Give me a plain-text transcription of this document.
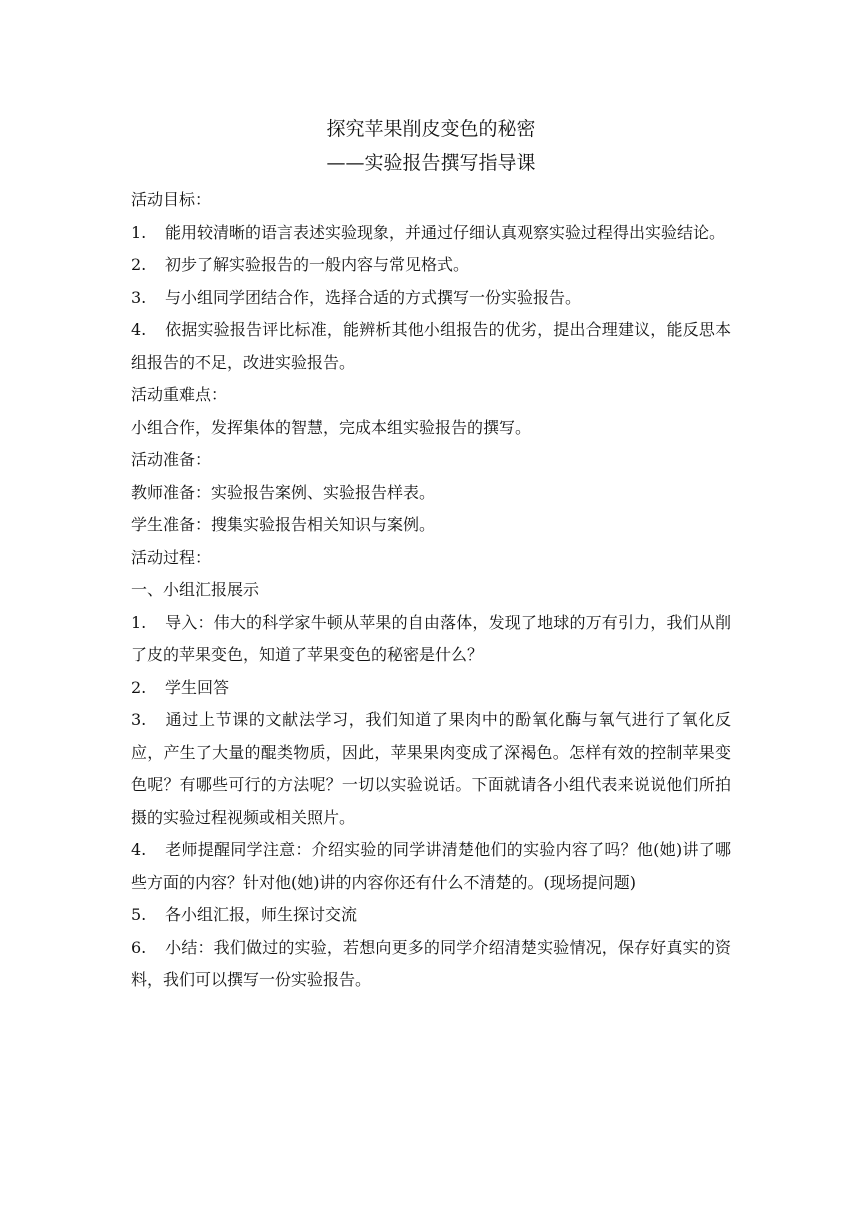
探究苹果削皮变色的秘密

——实验报告撰写指导课

活动目标：

1. 能用较清晰的语言表述实验现象，并通过仔细认真观察实验过程得出实验结论。

2. 初步了解实验报告的一般内容与常见格式。

3. 与小组同学团结合作，选择合适的方式撰写一份实验报告。

4. 依据实验报告评比标准，能辨析其他小组报告的优劣，提出合理建议，能反思本组报告的不足，改进实验报告。

活动重难点：

小组合作，发挥集体的智慧，完成本组实验报告的撰写。

活动准备：

教师准备：实验报告案例、实验报告样表。

学生准备：搜集实验报告相关知识与案例。

活动过程：

一、小组汇报展示

1. 导入：伟大的科学家牛顿从苹果的自由落体，发现了地球的万有引力，我们从削了皮的苹果变色，知道了苹果变色的秘密是什么？

2. 学生回答

3. 通过上节课的文献法学习，我们知道了果肉中的酚氧化酶与氧气进行了氧化反应，产生了大量的醌类物质，因此，苹果果肉变成了深褐色。怎样有效的控制苹果变色呢？有哪些可行的方法呢？一切以实验说话。下面就请各小组代表来说说他们所拍摄的实验过程视频或相关照片。

4. 老师提醒同学注意：介绍实验的同学讲清楚他们的实验内容了吗？他(她)讲了哪些方面的内容？针对他(她)讲的内容你还有什么不清楚的。(现场提问题)

5. 各小组汇报，师生探讨交流

6. 小结：我们做过的实验，若想向更多的同学介绍清楚实验情况，保存好真实的资料，我们可以撰写一份实验报告。
